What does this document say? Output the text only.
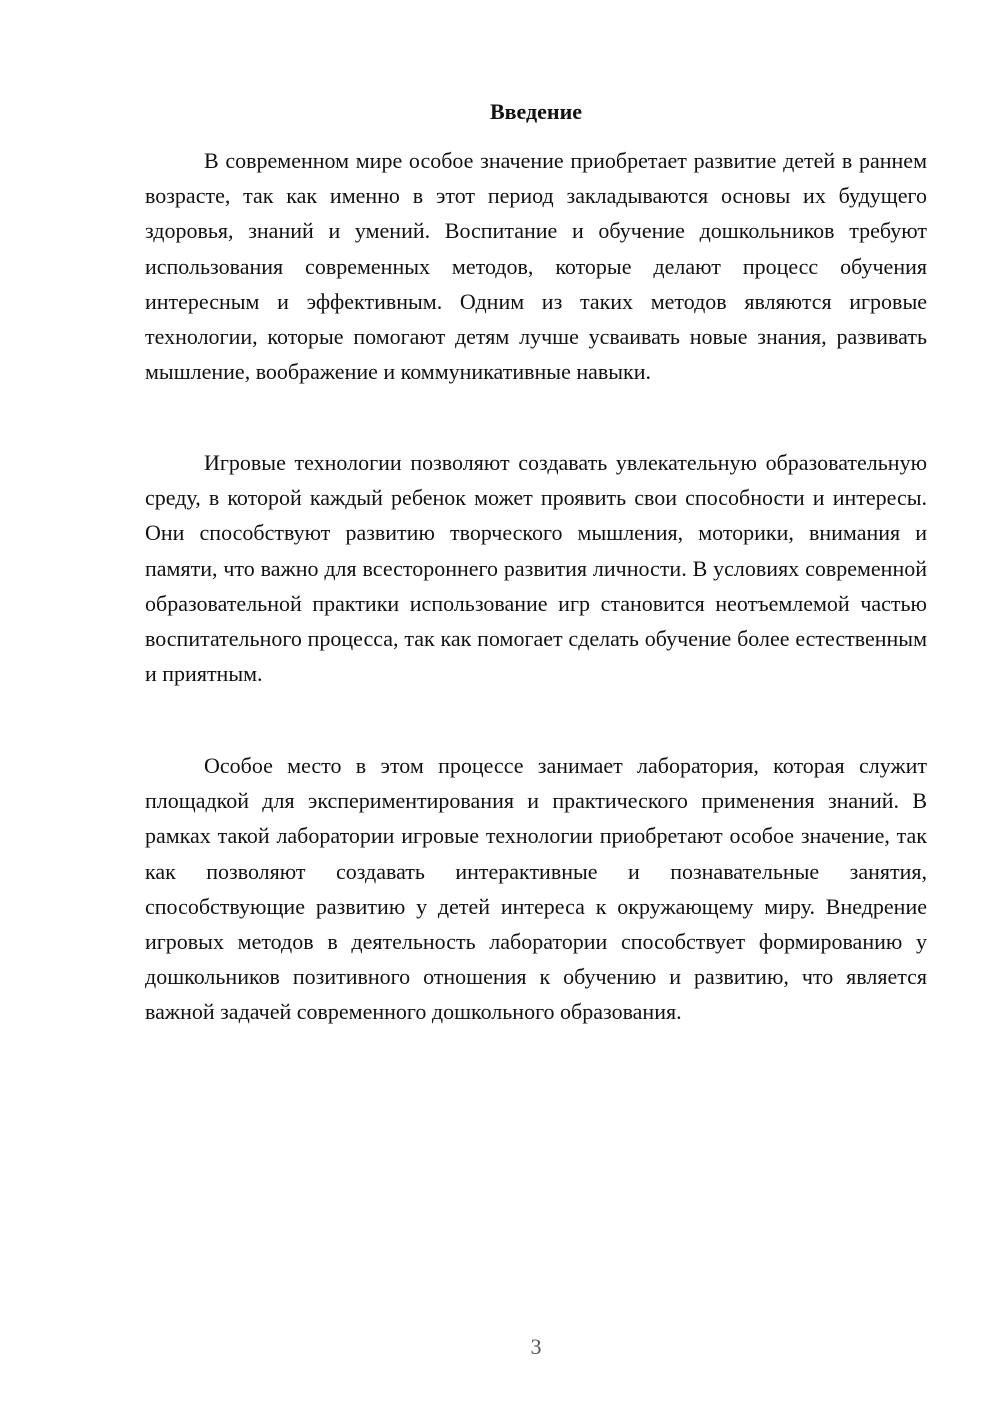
Введение

В современном мире особое значение приобретает развитие детей в раннем возрасте, так как именно в этот период закладываются основы их будущего здоровья, знаний и умений. Воспитание и обучение дошкольников требуют использования современных методов, которые делают процесс обучения интересным и эффективным. Одним из таких методов являются игровые технологии, которые помогают детям лучше усваивать новые знания, развивать мышление, воображение и коммуникативные навыки.

Игровые технологии позволяют создавать увлекательную образовательную среду, в которой каждый ребенок может проявить свои способности и интересы. Они способствуют развитию творческого мышления, моторики, внимания и памяти, что важно для всестороннего развития личности. В условиях современной образовательной практики использование игр становится неотъемлемой частью воспитательного процесса, так как помогает сделать обучение более естественным и приятным.

Особое место в этом процессе занимает лаборатория, которая служит площадкой для экспериментирования и практического применения знаний. В рамках такой лаборатории игровые технологии приобретают особое значение, так как позволяют создавать интерактивные и познавательные занятия, способствующие развитию у детей интереса к окружающему миру. Внедрение игровых методов в деятельность лаборатории способствует формированию у дошкольников позитивного отношения к обучению и развитию, что является важной задачей современного дошкольного образования.

3
